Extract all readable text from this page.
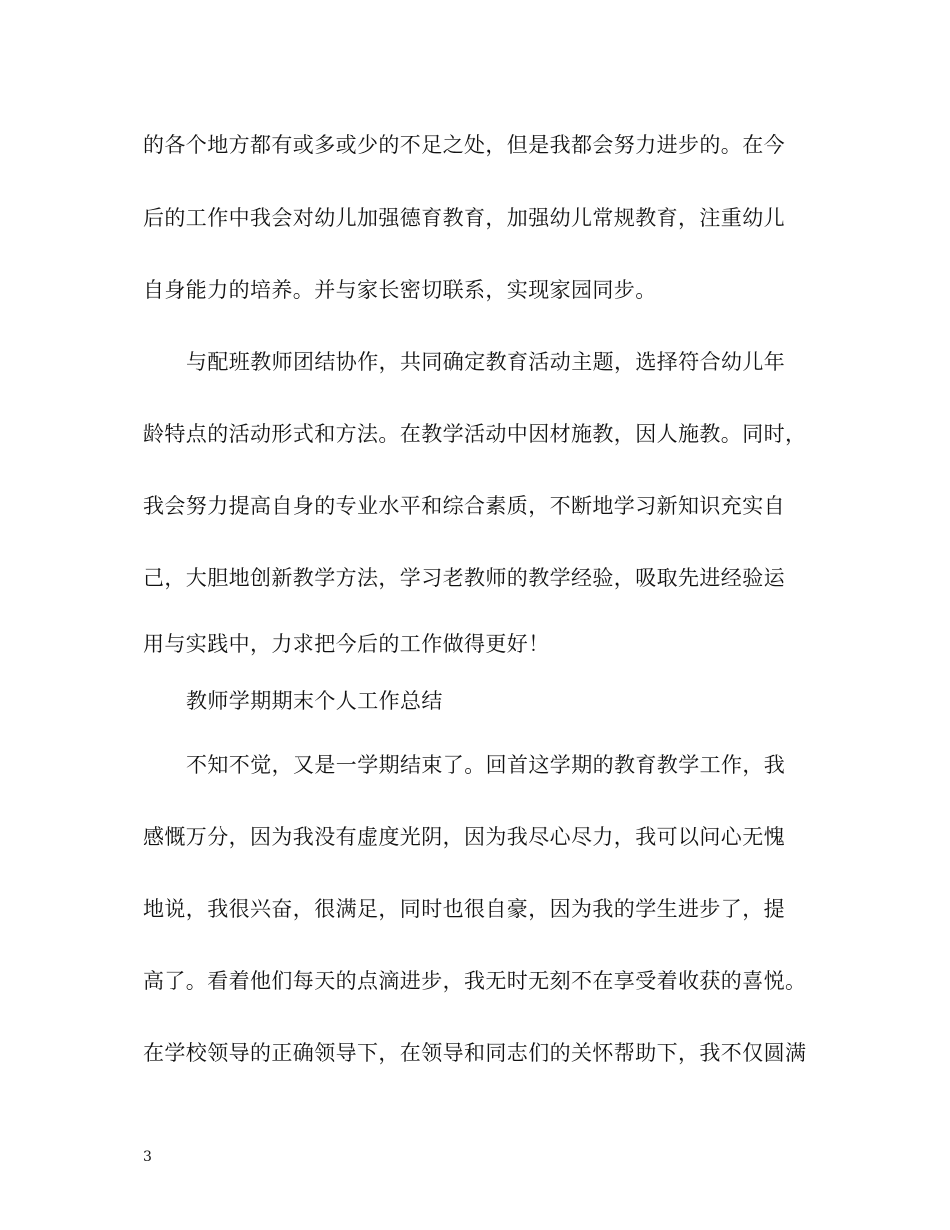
的各个地方都有或多或少的不足之处，但是我都会努力进步的。在今
后的工作中我会对幼儿加强德育教育，加强幼儿常规教育，注重幼儿
自身能力的培养。并与家长密切联系，实现家园同步。
与配班教师团结协作，共同确定教育活动主题，选择符合幼儿年
龄特点的活动形式和方法。在教学活动中因材施教，因人施教。同时，
我会努力提高自身的专业水平和综合素质，不断地学习新知识充实自
己，大胆地创新教学方法，学习老教师的教学经验，吸取先进经验运
用与实践中，力求把今后的工作做得更好！
教师学期期末个人工作总结
不知不觉，又是一学期结束了。回首这学期的教育教学工作，我
感慨万分，因为我没有虚度光阴，因为我尽心尽力，我可以问心无愧
地说，我很兴奋，很满足，同时也很自豪，因为我的学生进步了，提
高了。看着他们每天的点滴进步，我无时无刻不在享受着收获的喜悦。
在学校领导的正确领导下，在领导和同志们的关怀帮助下，我不仅圆满
3
